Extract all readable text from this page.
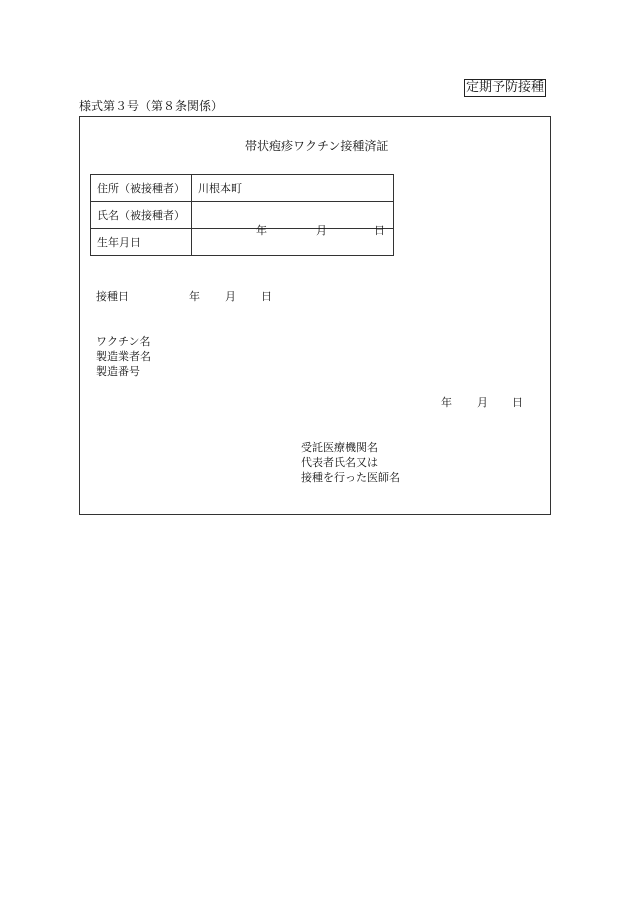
定期予防接種
様式第３号（第８条関係）
帯状疱疹ワクチン接種済証
住所（被接種者）	川根本町
氏名（被接種者）	
生年月日	年 月 日
接種日	年 月 日
ワクチン名
製造業者名
製造番号
年 月 日
受託医療機関名
代表者氏名又は
接種を行った医師名
